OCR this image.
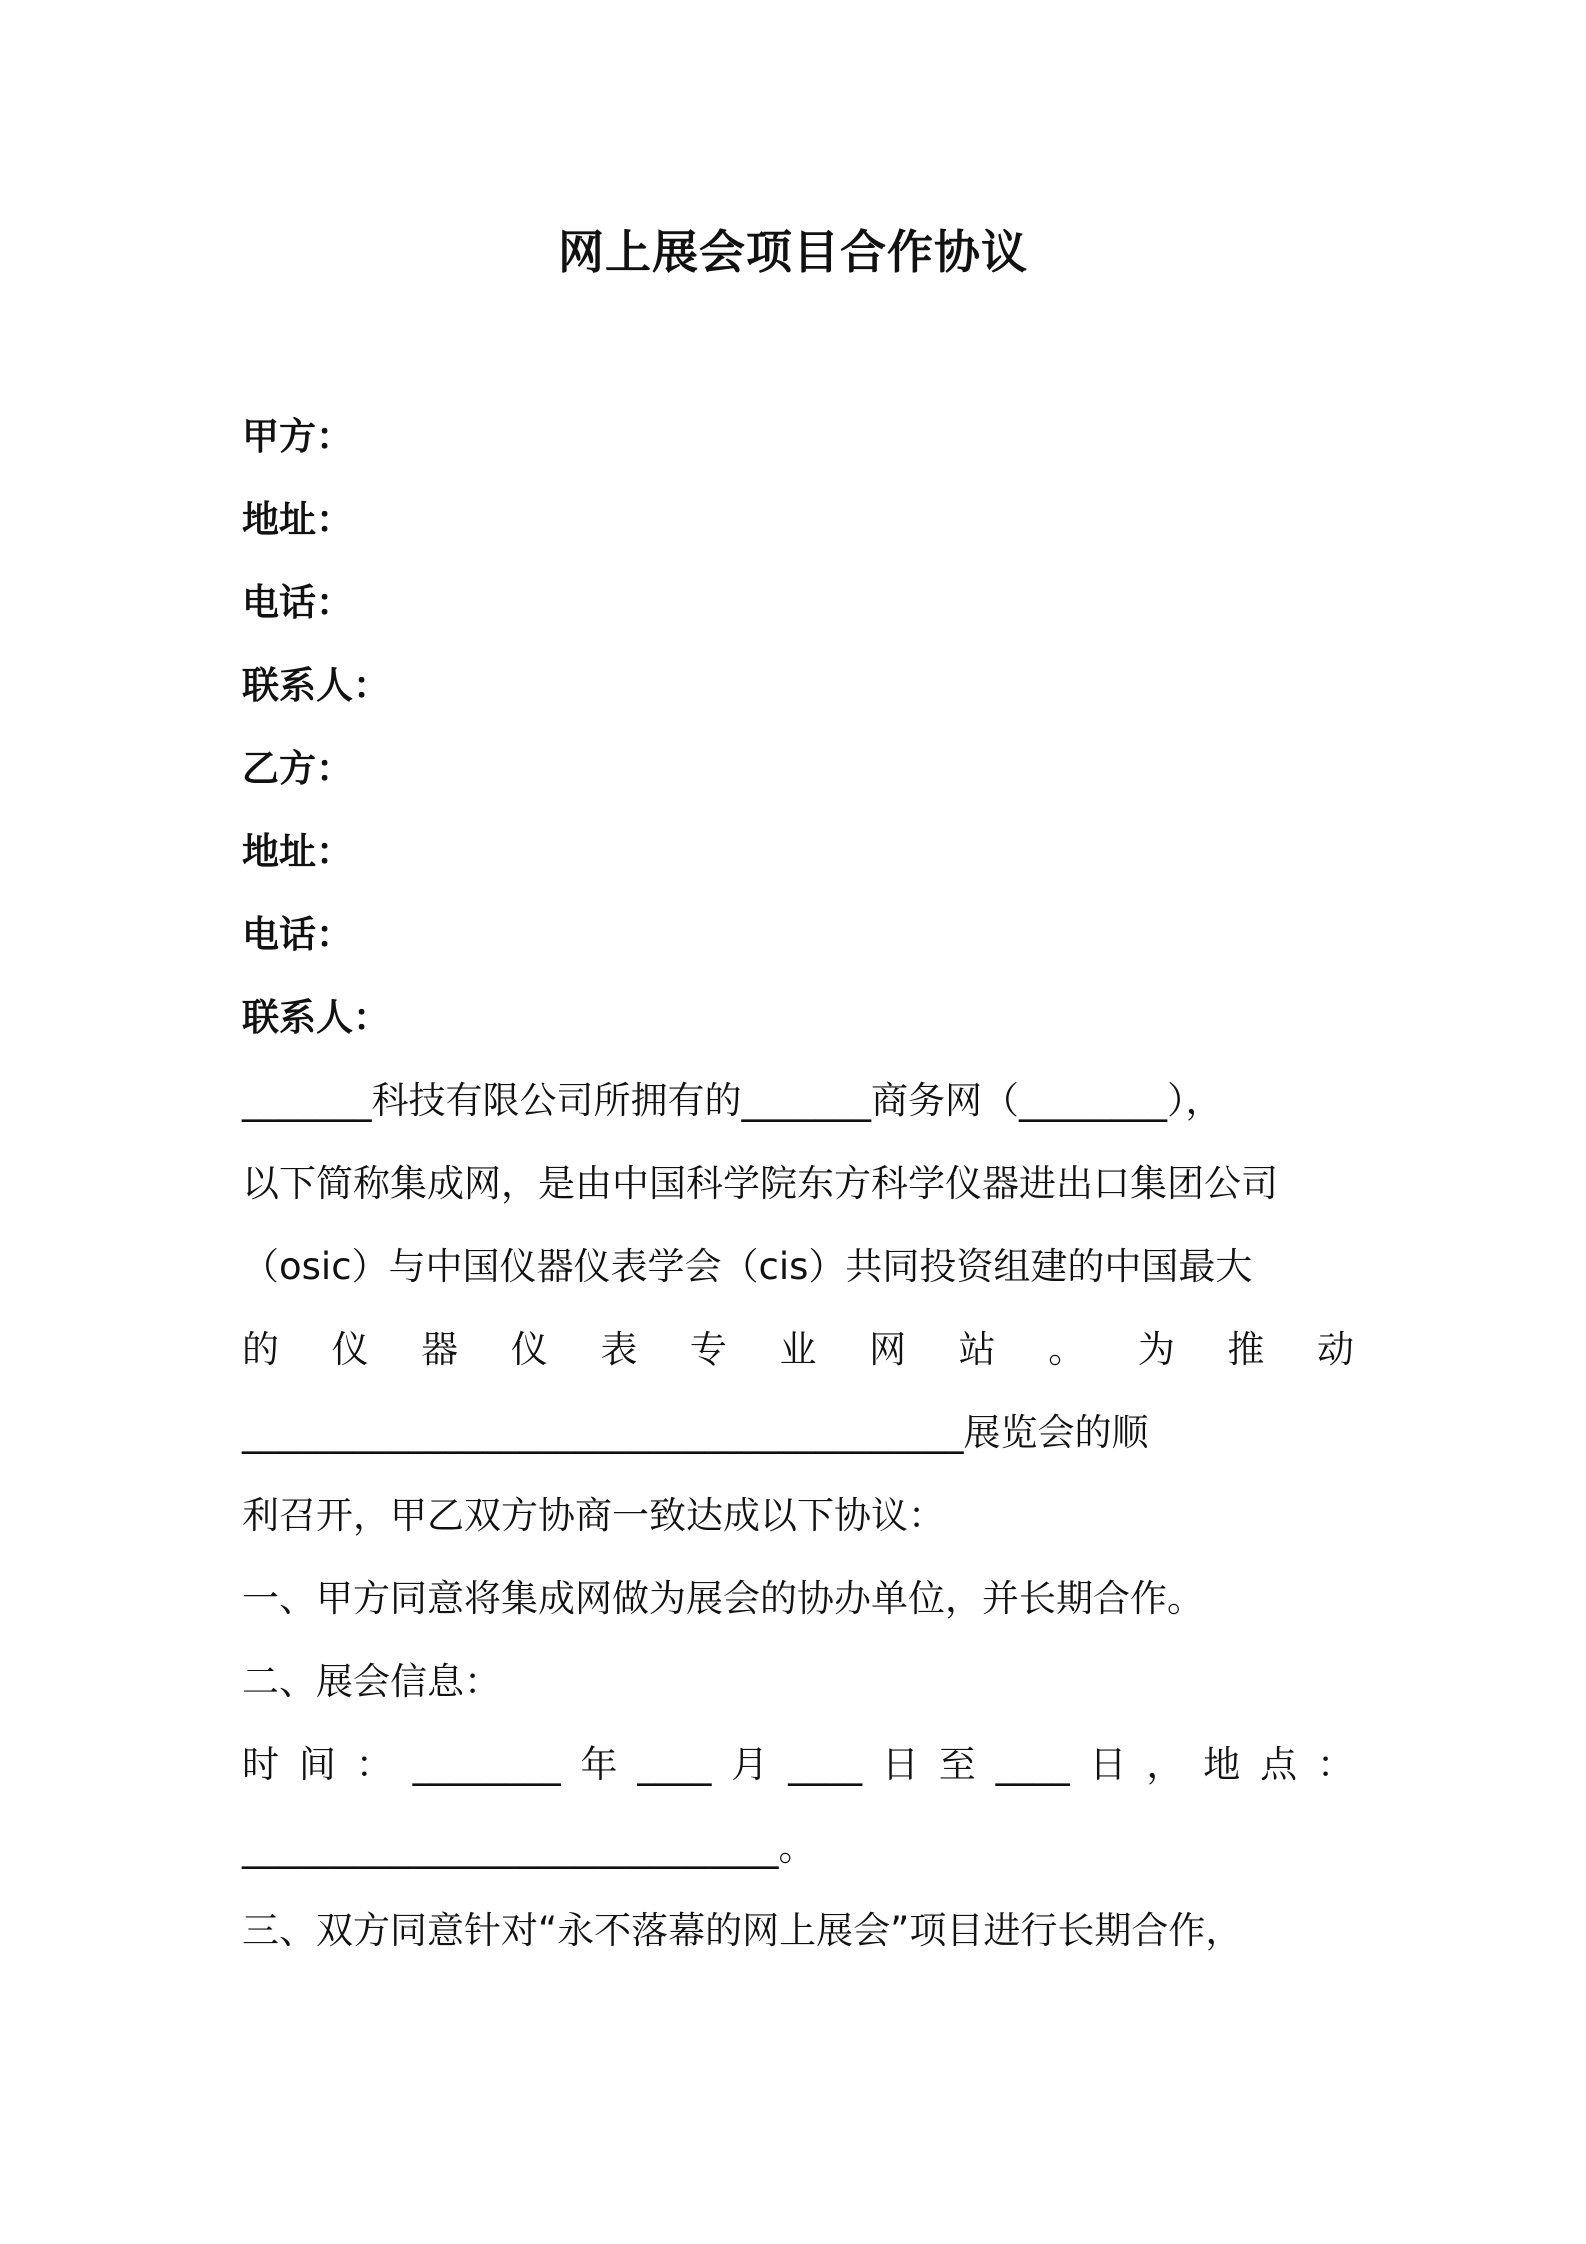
网上展会项目合作协议
甲方：
地址：
电话：
联系人：
乙方：
地址：
电话：
联系人：
_______科技有限公司所拥有的_______商务网（________），
以下简称集成网，是由中国科学院东方科学仪器进出口集团公司
（osic）与中国仪器仪表学会（cis）共同投资组建的中国最大
的仪器仪表专业网站。为推动
_______________________________________展览会的顺
利召开，甲乙双方协商一致达成以下协议：
一、甲方同意将集成网做为展会的协办单位，并长期合作。
二、展会信息：
时间：________年____月____日至____日，地点：
_____________________________。
三、双方同意针对“永不落幕的网上展会”项目进行长期合作，
